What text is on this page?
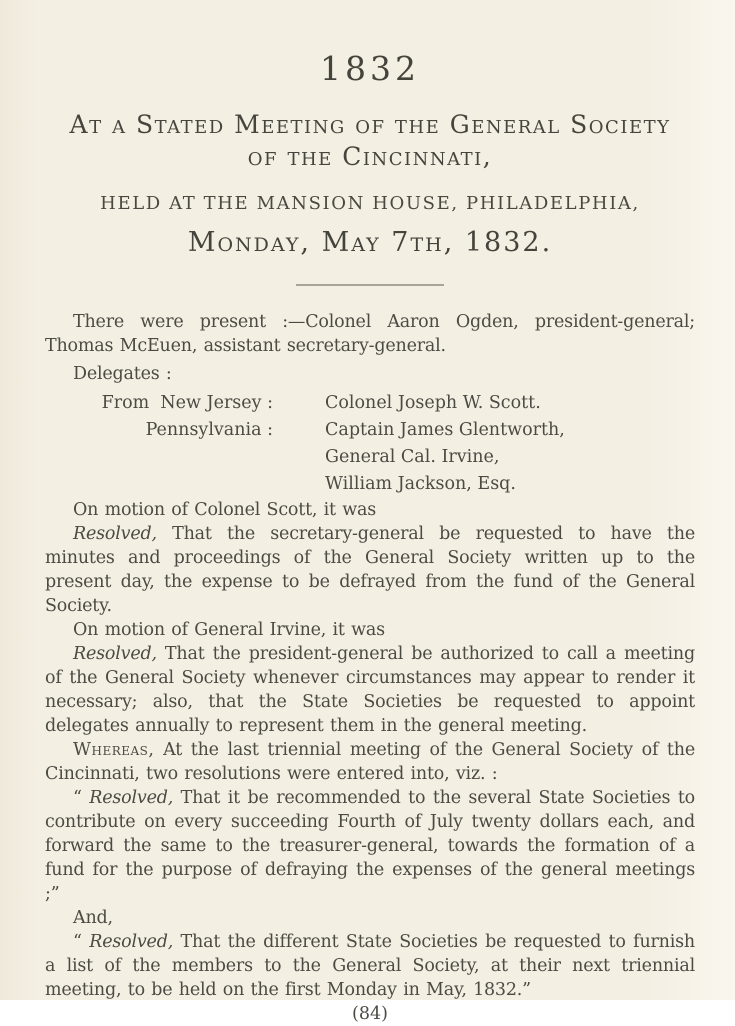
1832
At a Stated Meeting of the General Society
of the Cincinnati,
HELD AT THE MANSION HOUSE, PHILADELPHIA,
Monday, May 7th, 1832.

There were present :—Colonel Aaron Ogden, president-general; Thomas McEuen, assistant secretary-general.

Delegates :

From  New Jersey :	Colonel Joseph W. Scott.
Pennsylvania :	Captain James Glentworth,
General Cal. Irvine,
William Jackson, Esq.

On motion of Colonel Scott, it was

Resolved, That the secretary-general be requested to have the minutes and proceedings of the General Society written up to the present day, the expense to be defrayed from the fund of the General Society.

On motion of General Irvine, it was

Resolved, That the president-general be authorized to call a meeting of the General Society whenever circumstances may appear to render it necessary; also, that the State Societies be requested to appoint delegates annually to represent them in the general meeting.

Whereas, At the last triennial meeting of the General Society of the Cincinnati, two resolutions were entered into, viz. :

“ Resolved, That it be recommended to the several State Societies to contribute on every succeeding Fourth of July twenty dollars each, and forward the same to the treasurer-general, towards the formation of a fund for the purpose of defraying the expenses of the general meetings ;”

And,

“ Resolved, That the different State Societies be requested to furnish a list of the members to the General Society, at their next triennial meeting, to be held on the first Monday in May, 1832.”

(84)
